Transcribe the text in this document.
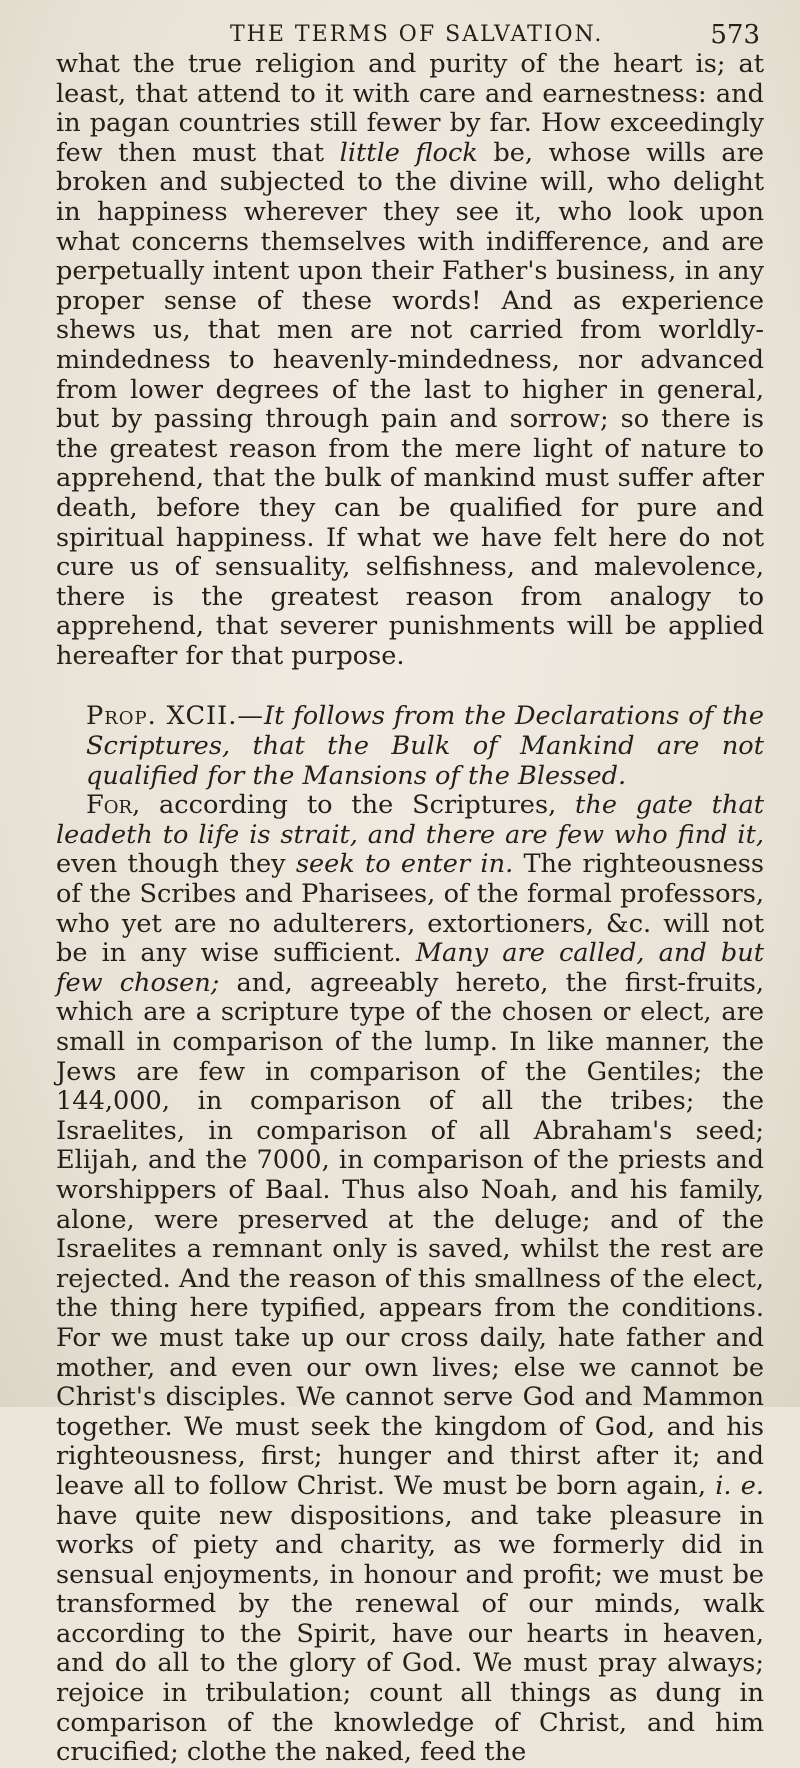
THE TERMS OF SALVATION.	573

what the true religion and purity of the heart is; at least, that attend to it with care and earnestness: and in pagan countries still fewer by far. How exceedingly few then must that little flock be, whose wills are broken and subjected to the divine will, who delight in happiness wherever they see it, who look upon what concerns themselves with indifference, and are perpetually intent upon their Father's business, in any proper sense of these words! And as experience shews us, that men are not carried from worldly-mindedness to heavenly-mindedness, nor advanced from lower degrees of the last to higher in general, but by passing through pain and sorrow; so there is the greatest reason from the mere light of nature to apprehend, that the bulk of mankind must suffer after death, before they can be qualified for pure and spiritual happiness. If what we have felt here do not cure us of sensuality, selfishness, and malevolence, there is the greatest reason from analogy to apprehend, that severer punishments will be applied hereafter for that purpose.

Prop. XCII.—It follows from the Declarations of the Scriptures, that the Bulk of Mankind are not qualified for the Mansions of the Blessed.

For, according to the Scriptures, the gate that leadeth to life is strait, and there are few who find it, even though they seek to enter in. The righteousness of the Scribes and Pharisees, of the formal professors, who yet are no adulterers, extortioners, &c. will not be in any wise sufficient. Many are called, and but few chosen; and, agreeably hereto, the first-fruits, which are a scripture type of the chosen or elect, are small in comparison of the lump. In like manner, the Jews are few in comparison of the Gentiles; the 144,000, in comparison of all the tribes; the Israelites, in comparison of all Abraham's seed; Elijah, and the 7000, in comparison of the priests and worshippers of Baal. Thus also Noah, and his family, alone, were preserved at the deluge; and of the Israelites a remnant only is saved, whilst the rest are rejected. And the reason of this smallness of the elect, the thing here typified, appears from the conditions. For we must take up our cross daily, hate father and mother, and even our own lives; else we cannot be Christ's disciples. We cannot serve God and Mammon together. We must seek the kingdom of God, and his righteousness, first; hunger and thirst after it; and leave all to follow Christ. We must be born again, i. e. have quite new dispositions, and take pleasure in works of piety and charity, as we formerly did in sensual enjoyments, in honour and profit; we must be transformed by the renewal of our minds, walk according to the Spirit, have our hearts in heaven, and do all to the glory of God. We must pray always; rejoice in tribulation; count all things as dung in comparison of the knowledge of Christ, and him crucified; clothe the naked, feed the
